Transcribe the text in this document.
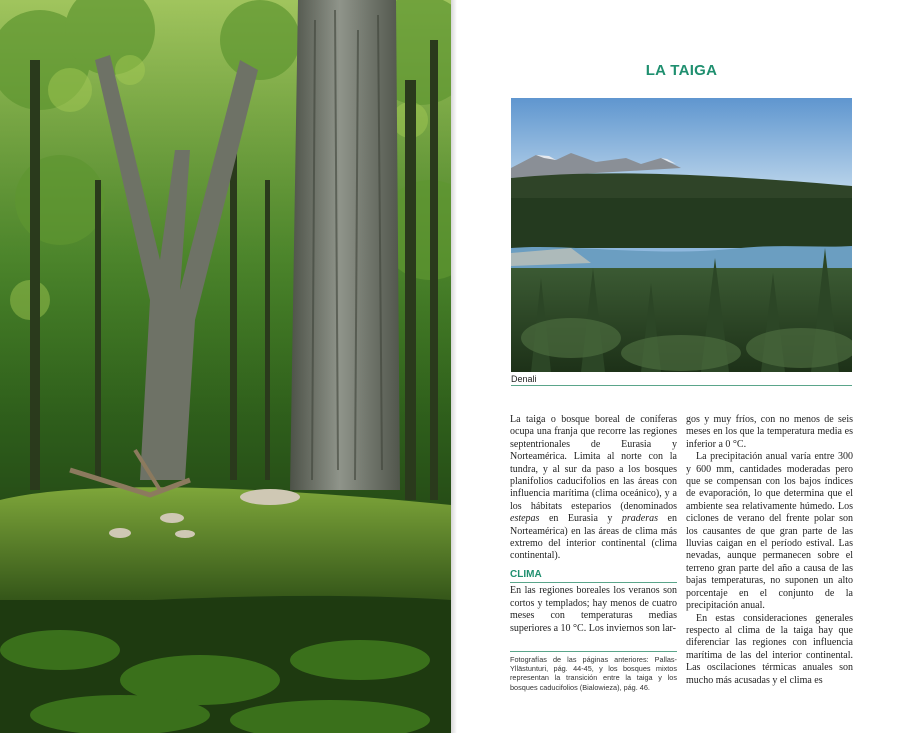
LA TAIGA
Denali

La taiga o bosque boreal de coníferas ocupa una franja que recorre las regiones septentrionales de Eurasia y Norteamérica. Limita al norte con la tundra, y al sur da paso a los bosques planifolios caducifolios en las áreas con influencia marítima (clima oceánico), y a los hábitats esteparios (denominados estepas en Eurasia y praderas en Norteamérica) en las áreas de clima más extremo del interior continental (clima continental).

CLIMA

En las regiones boreales los veranos son cortos y templados; hay menos de cuatro meses con temperaturas medias superiores a 10 °C. Los inviernos son lar-

gos y muy fríos, con no menos de seis meses en los que la temperatura media es inferior a 0 °C.

La precipitación anual varía entre 300 y 600 mm, cantidades moderadas pero que se compensan con los bajos índices de evaporación, lo que determina que el ambiente sea relativamente húmedo. Los ciclones de verano del frente polar son los causantes de que gran parte de las lluvias caigan en el período estival. Las nevadas, aunque permanecen sobre el terreno gran parte del año a causa de las bajas temperaturas, no suponen un alto porcentaje en el conjunto de la precipitación anual.

En estas consideraciones generales respecto al clima de la taiga hay que diferenciar las regiones con influencia marítima de las del interior continental. Las oscilaciones térmicas anuales son mucho más acusadas y el clima es

Fotografías de las páginas anteriores: Pallas-Yllästunturi, pág. 44-45, y los bosques mixtos representan la transición entre la taiga y los bosques caducifolios (Bialowieza), pág. 46.
